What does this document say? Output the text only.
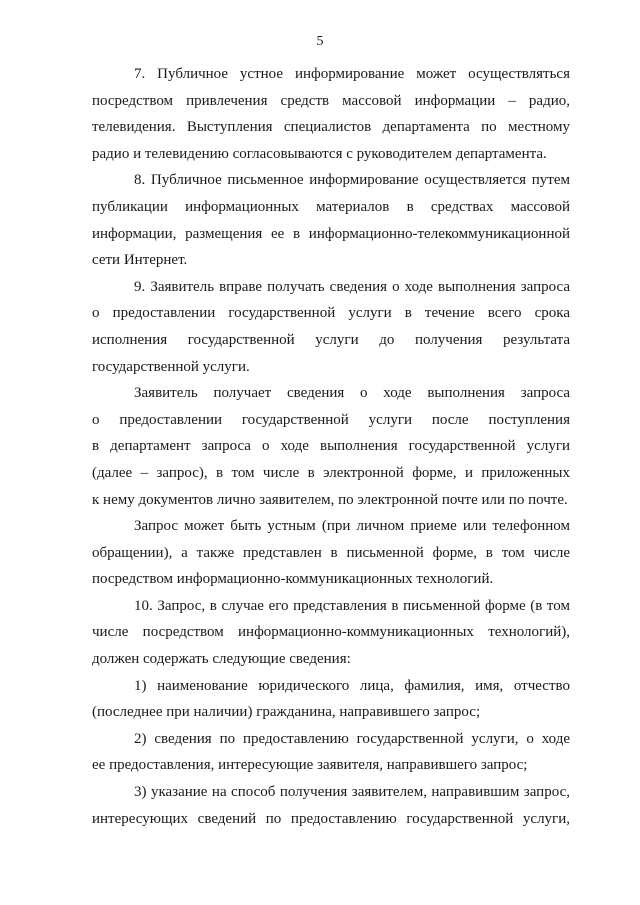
5
7. Публичное устное информирование может осуществляться
посредством привлечения средств массовой информации – радио,
телевидения. Выступления специалистов департамента по местному
радио и телевидению согласовываются с руководителем департамента.
8. Публичное письменное информирование осуществляется путем
публикации информационных материалов в средствах массовой
информации, размещения ее в информационно-телекоммуникационной
сети Интернет.
9. Заявитель вправе получать сведения о ходе выполнения запроса
о предоставлении государственной услуги в течение всего срока
исполнения государственной услуги до получения результата
государственной услуги.
Заявитель получает сведения о ходе выполнения запроса
о предоставлении государственной услуги после поступления
в департамент запроса о ходе выполнения государственной услуги
(далее – запрос), в том числе в электронной форме, и приложенных
к нему документов лично заявителем, по электронной почте или по почте.
Запрос может быть устным (при личном приеме или телефонном
обращении), а также представлен в письменной форме, в том числе
посредством информационно-коммуникационных технологий.
10. Запрос, в случае его представления в письменной форме (в том
числе посредством информационно-коммуникационных технологий),
должен содержать следующие сведения:
1) наименование юридического лица, фамилия, имя, отчество
(последнее при наличии) гражданина, направившего запрос;
2) сведения по предоставлению государственной услуги, о ходе
ее предоставления, интересующие заявителя, направившего запрос;
3) указание на способ получения заявителем, направившим запрос,
интересующих сведений по предоставлению государственной услуги,
